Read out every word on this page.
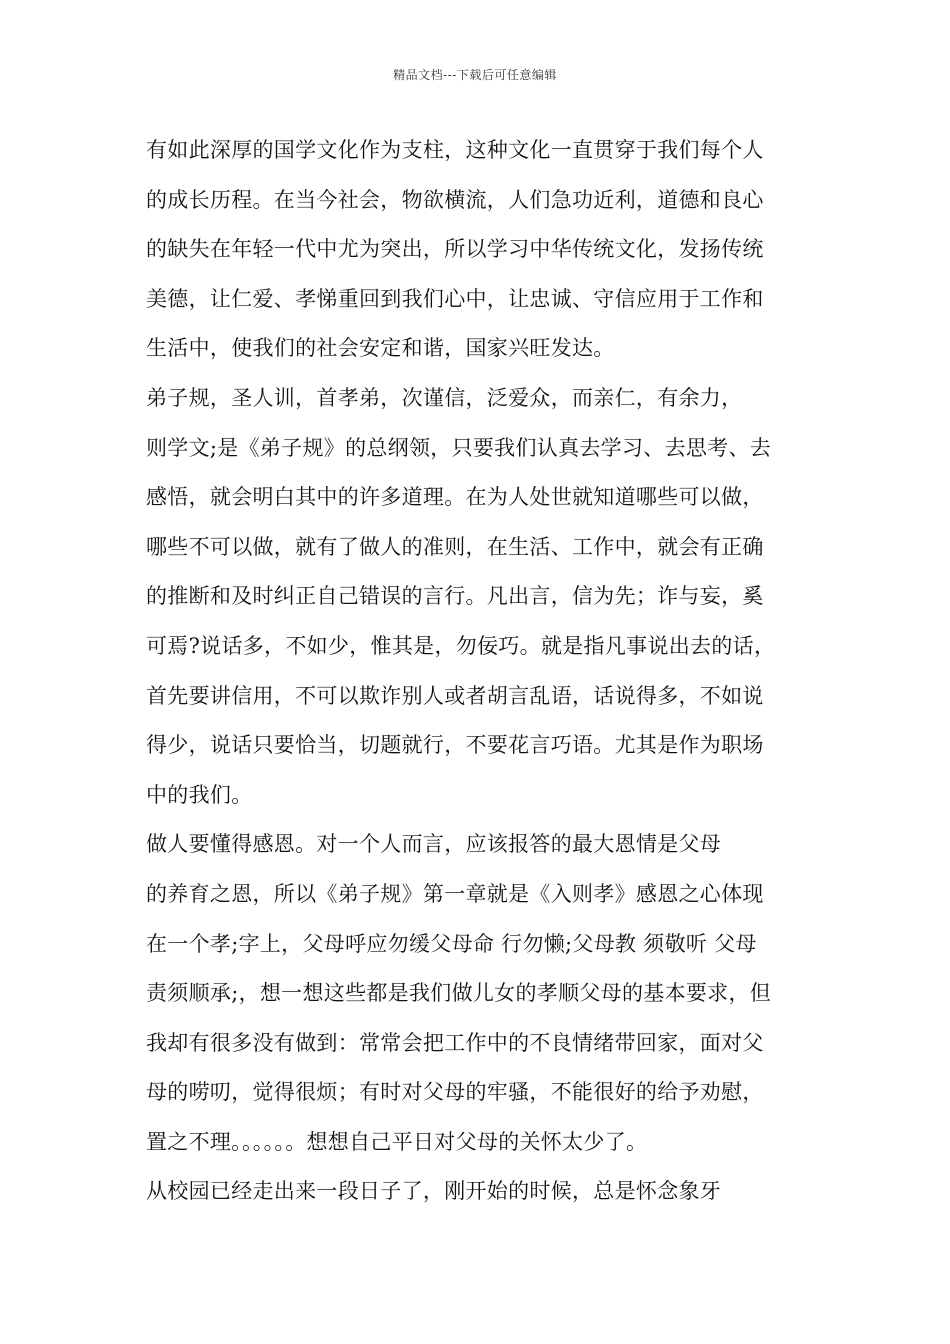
精品文档---下载后可任意编辑
有如此深厚的国学文化作为支柱，这种文化一直贯穿于我们每个人
的成长历程。在当今社会，物欲横流，人们急功近利，道德和良心
的缺失在年轻一代中尤为突出，所以学习中华传统文化，发扬传统
美德，让仁爱、孝悌重回到我们心中，让忠诚、守信应用于工作和
生活中，使我们的社会安定和谐，国家兴旺发达。
弟子规，圣人训，首孝弟，次谨信，泛爱众，而亲仁，有余力，
则学文;是《弟子规》的总纲领，只要我们认真去学习、去思考、去
感悟，就会明白其中的许多道理。在为人处世就知道哪些可以做，
哪些不可以做，就有了做人的准则，在生活、工作中，就会有正确
的推断和及时纠正自己错误的言行。凡出言，信为先；诈与妄，奚
可焉?说话多，不如少，惟其是，勿佞巧。就是指凡事说出去的话，
首先要讲信用，不可以欺诈别人或者胡言乱语，话说得多，不如说
得少，说话只要恰当，切题就行，不要花言巧语。尤其是作为职场
中的我们。
做人要懂得感恩。对一个人而言，应该报答的最大恩情是父母
的养育之恩，所以《弟子规》第一章就是《入则孝》感恩之心体现
在一个孝;字上，父母呼应勿缓父母命 行勿懒;父母教 须敬听 父母
责须顺承;，想一想这些都是我们做儿女的孝顺父母的基本要求，但
我却有很多没有做到：常常会把工作中的不良情绪带回家，面对父
母的唠叨，觉得很烦；有时对父母的牢骚，不能很好的给予劝慰，
置之不理。。。。。。想想自己平日对父母的关怀太少了。
从校园已经走出来一段日子了，刚开始的时候，总是怀念象牙
